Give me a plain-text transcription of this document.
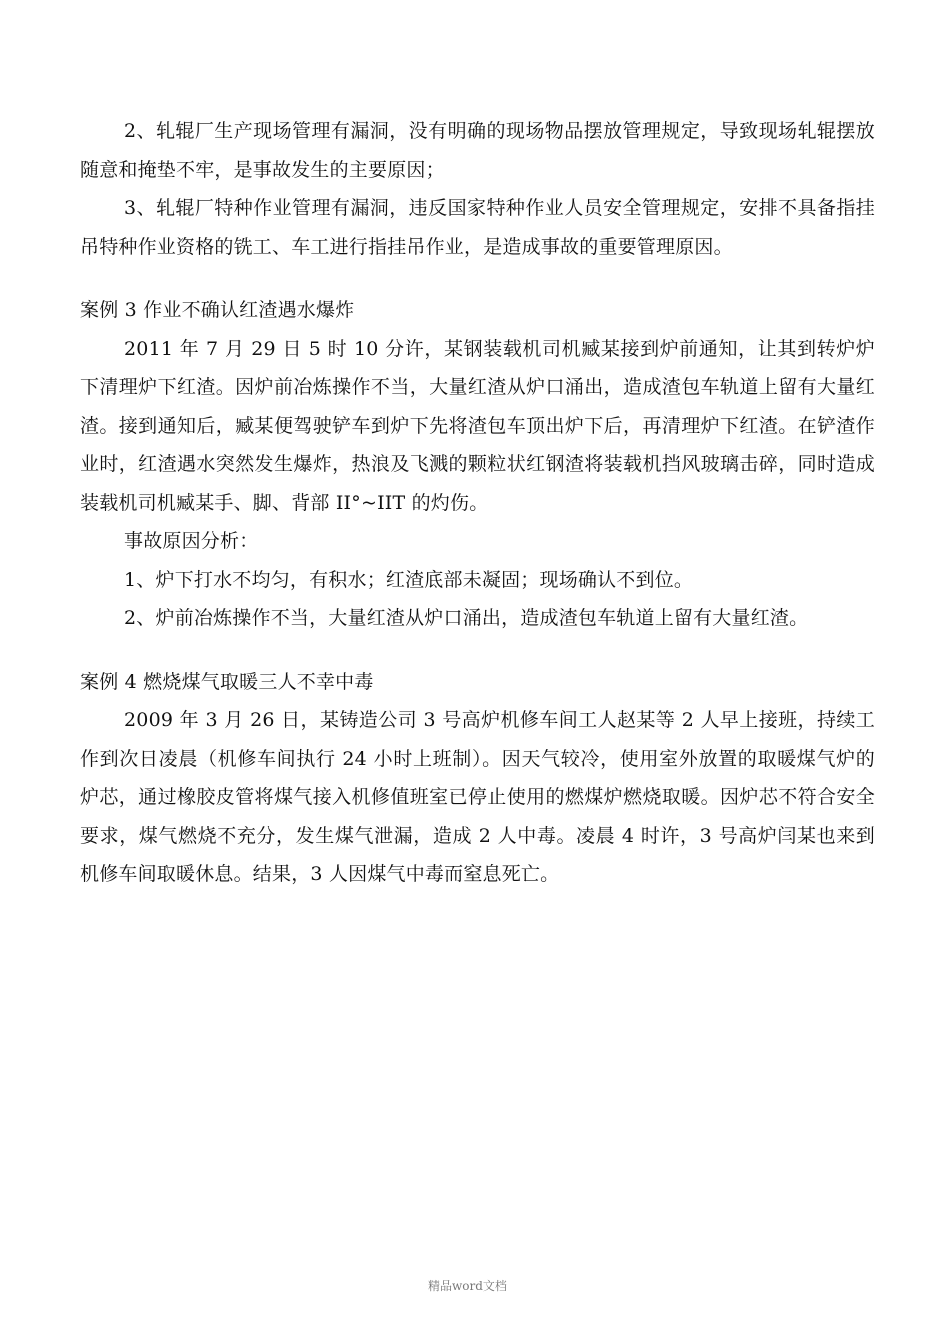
2、轧辊厂生产现场管理有漏洞，没有明确的现场物品摆放管理规定，导致现场轧辊摆放随意和掩垫不牢，是事故发生的主要原因；

3、轧辊厂特种作业管理有漏洞，违反国家特种作业人员安全管理规定，安排不具备指挂吊特种作业资格的铣工、车工进行指挂吊作业，是造成事故的重要管理原因。

案例 3 作业不确认红渣遇水爆炸

2011 年 7 月 29 日 5 时 10 分许，某钢装载机司机臧某接到炉前通知，让其到转炉炉下清理炉下红渣。因炉前冶炼操作不当，大量红渣从炉口涌出，造成渣包车轨道上留有大量红渣。接到通知后，臧某便驾驶铲车到炉下先将渣包车顶出炉下后，再清理炉下红渣。在铲渣作业时，红渣遇水突然发生爆炸，热浪及飞溅的颗粒状红钢渣将装载机挡风玻璃击碎，同时造成装载机司机臧某手、脚、背部 II°~IIT 的灼伤。

事故原因分析：

1、炉下打水不均匀，有积水；红渣底部未凝固；现场确认不到位。

2、炉前冶炼操作不当，大量红渣从炉口涌出，造成渣包车轨道上留有大量红渣。

案例 4 燃烧煤气取暖三人不幸中毒

2009 年 3 月 26 日，某铸造公司 3 号高炉机修车间工人赵某等 2 人早上接班，持续工作到次日凌晨（机修车间执行 24 小时上班制）。因天气较冷，使用室外放置的取暖煤气炉的炉芯，通过橡胶皮管将煤气接入机修值班室已停止使用的燃煤炉燃烧取暖。因炉芯不符合安全要求，煤气燃烧不充分，发生煤气泄漏，造成 2 人中毒。凌晨 4 时许，3 号高炉闫某也来到机修车间取暖休息。结果，3 人因煤气中毒而窒息死亡。

精品word文档
